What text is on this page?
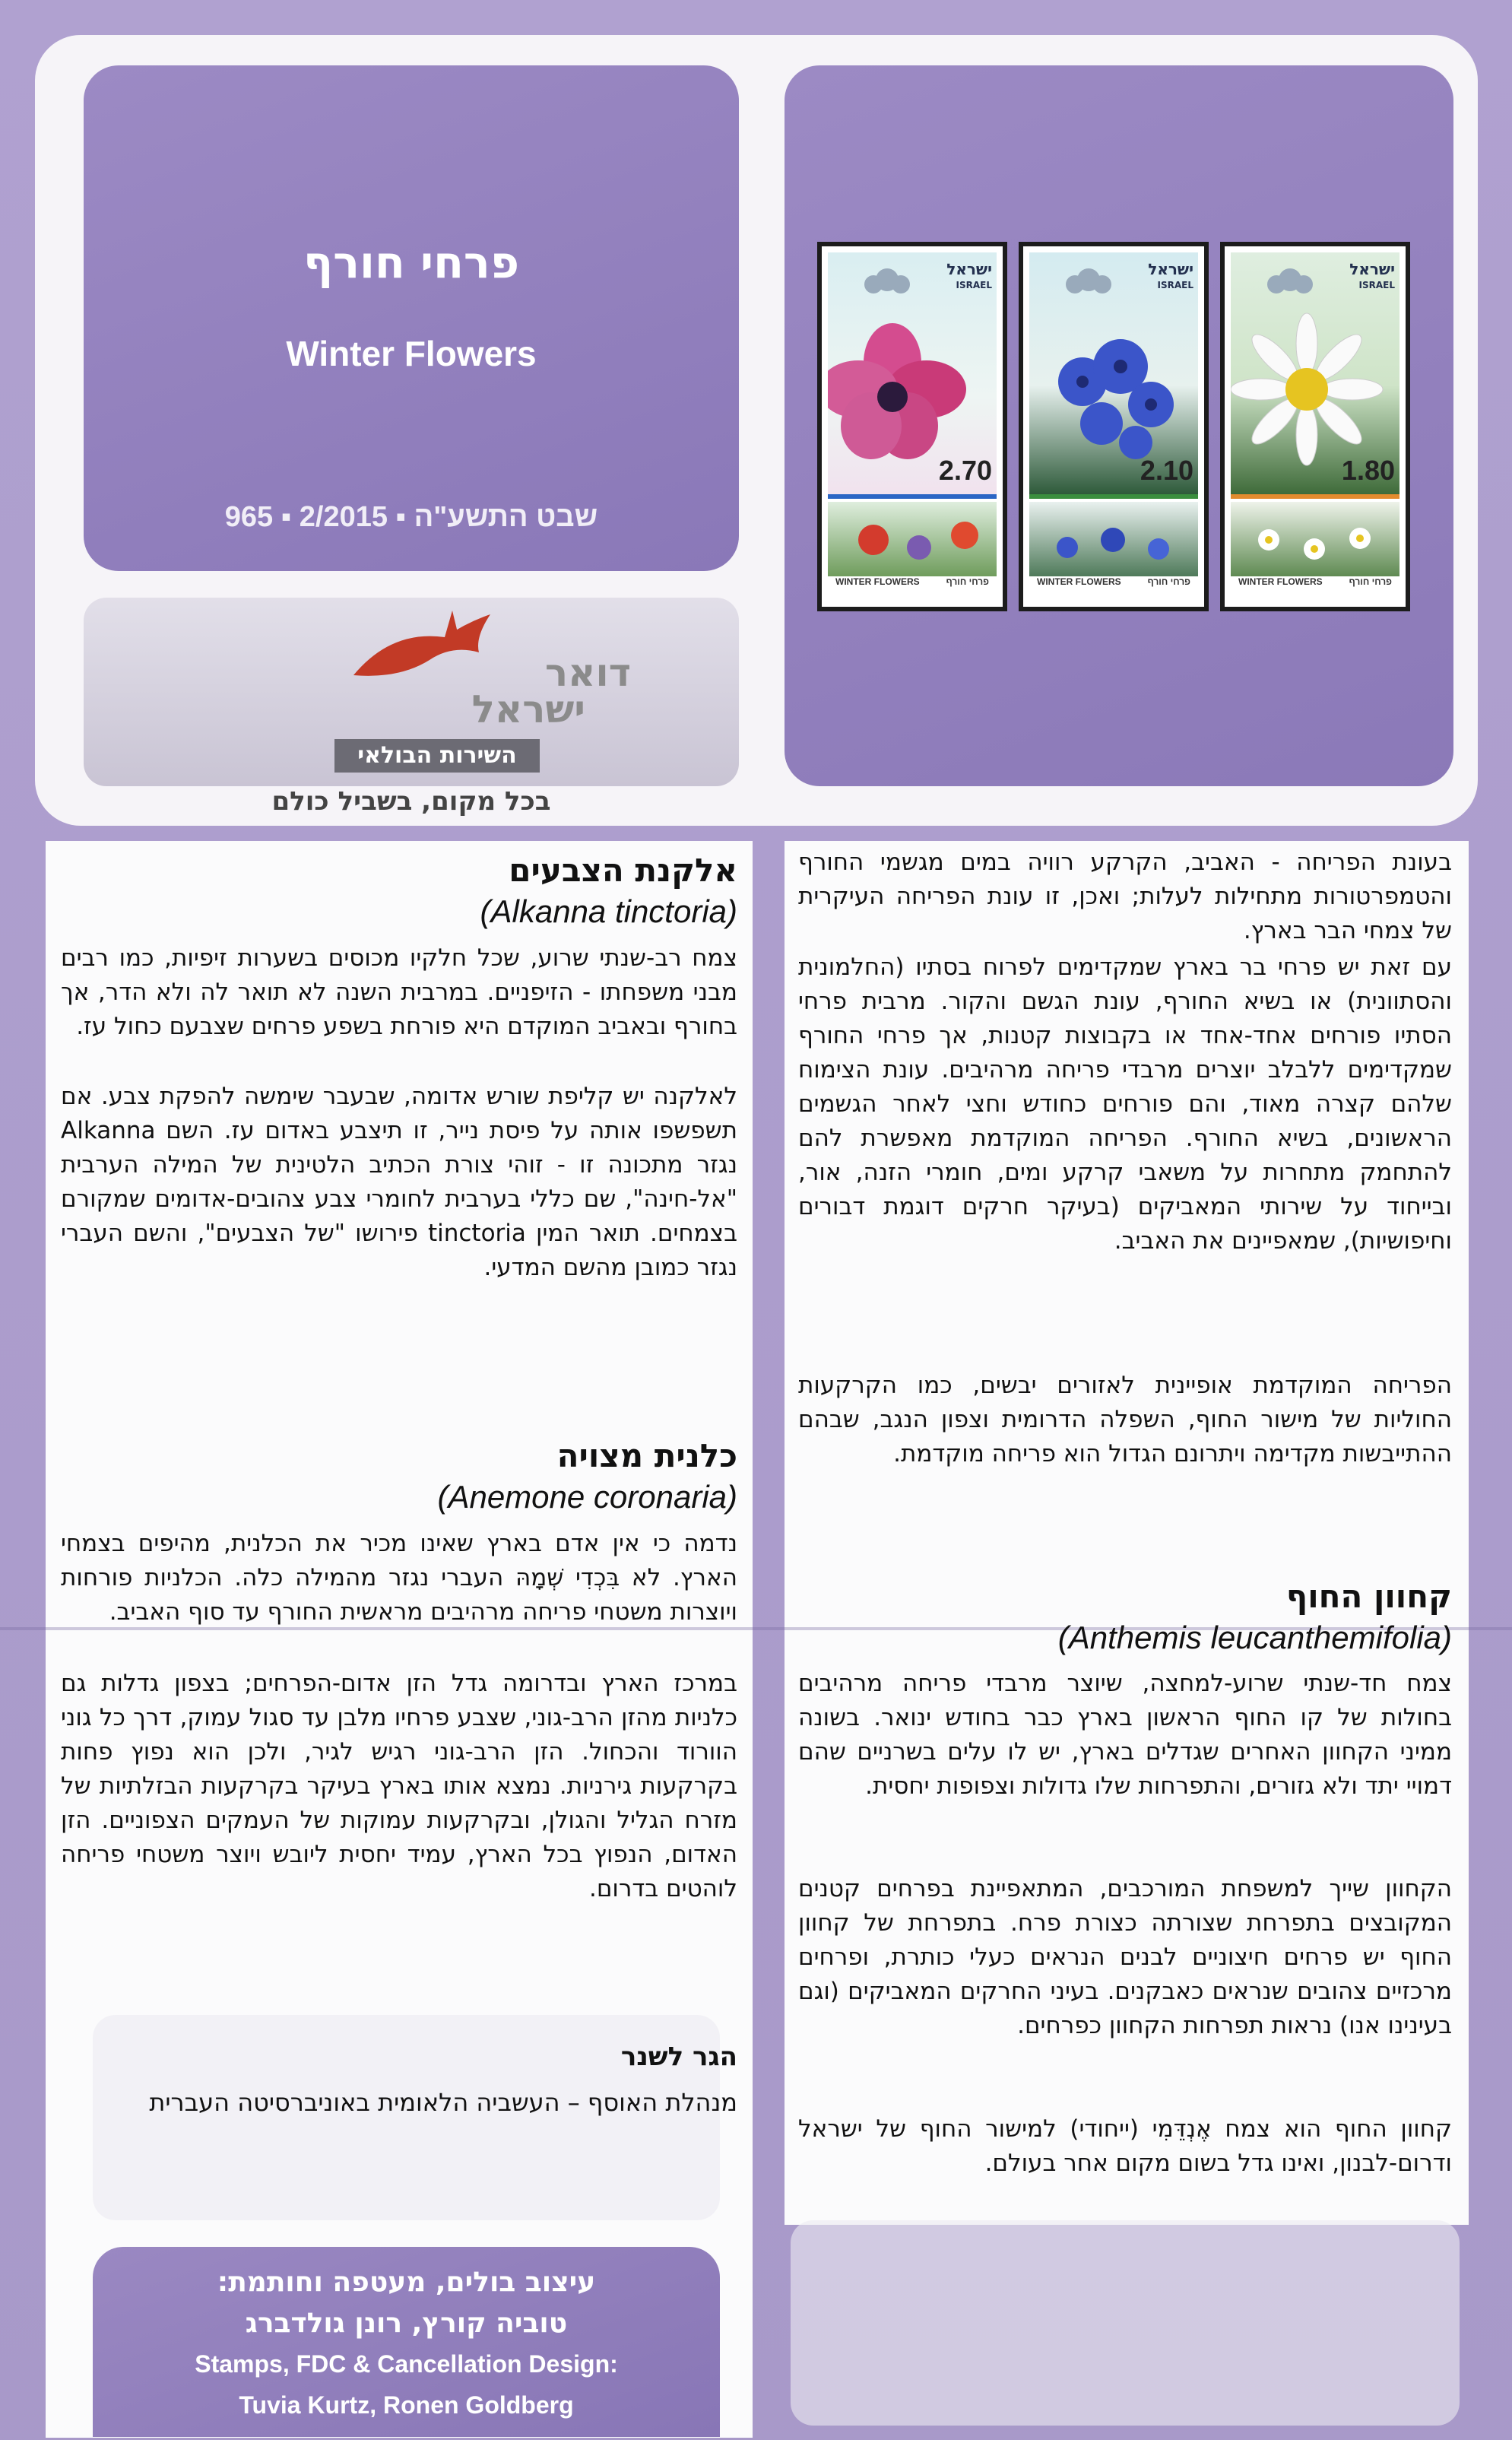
פרחי חורף
Winter Flowers
965 ▪ 2/2015 ▪ שבט התשע"ה
דואר
ישראל
השירות הבולאי
בכל מקום, בשביל כולם
ישראל
ISRAEL
2.70
WINTER FLOWERS	פרחי חורף
ישראל
ISRAEL
2.10
WINTER FLOWERS	פרחי חורף
ישראל
ISRAEL
1.80
WINTER FLOWERS	פרחי חורף
בעונת הפריחה - האביב, הקרקע רוויה במים מגשמי החורף והטמפרטורות מתחילות לעלות; ואכן, זו עונת הפריחה העיקרית של צמחי הבר בארץ.
עם זאת יש פרחי בר בארץ שמקדימים לפרוח בסתיו (החלמונית והסתוונית) או בשיא החורף, עונת הגשם והקור. מרבית פרחי הסתיו פורחים אחד-אחד או בקבוצות קטנות, אך פרחי החורף שמקדימים ללבלב יוצרים מרבדי פריחה מרהיבים. עונת הצימוח שלהם קצרה מאוד, והם פורחים כחודש וחצי לאחר הגשמים הראשונים, בשיא החורף. הפריחה המוקדמת מאפשרת להם להתחמק מתחרות על משאבי קרקע ומים, חומרי הזנה, אור, ובייחוד על שירותי המאביקים (בעיקר חרקים דוגמת דבורים וחיפושיות), שמאפיינים את האביב.
הפריחה המוקדמת אופיינית לאזורים יבשים, כמו הקרקעות החוליות של מישור החוף, השפלה הדרומית וצפון הנגב, שבהם ההתייבשות מקדימה ויתרונם הגדול הוא פריחה מוקדמת.
קחוון החוף
(Anthemis leucanthemifolia)
צמח חד-שנתי שרוע-למחצה, שיוצר מרבדי פריחה מרהיבים בחולות של קו החוף הראשון בארץ כבר בחודש ינואר. בשונה ממיני הקחוון האחרים שגדלים בארץ, יש לו עלים בשרניים שהם דמויי יתד ולא גזורים, והתפרחות שלו גדולות וצפופות יחסית.
הקחוון שייך למשפחת המורכבים, המתאפיינת בפרחים קטנים המקובצים בתפרחת שצורתה כצורת פרח. בתפרחת של קחוון החוף יש פרחים חיצוניים לבנים הנראים כעלי כותרת, ופרחים מרכזיים צהובים שנראים כאבקנים. בעיני החרקים המאביקים (וגם בעינינו אנו) נראות תפרחות הקחוון כפרחים.
קחוון החוף הוא צמח אֶנְדֵּמִי (ייחודי) למישור החוף של ישראל ודרום-לבנון, ואינו גדל בשום מקום אחר בעולם.
אלקנת הצבעים
(Alkanna tinctoria)
צמח רב-שנתי שרוע, שכל חלקיו מכוסים בשערות זיפיות, כמו רבים מבני משפחתו - הזיפניים. במרבית השנה לא תואר לה ולא הדר, אך בחורף ובאביב המוקדם היא פורחת בשפע פרחים שצבעם כחול עז.
לאלקנה יש קליפת שורש אדומה, שבעבר שימשה להפקת צבע. אם תשפשפו אותה על פיסת נייר, זו תיצבע באדום עז. השם Alkanna נגזר מתכונה זו - זוהי צורת הכתיב הלטינית של המילה הערבית "אל-חינה", שם כללי בערבית לחומרי צבע צהובים-אדומים שמקורם בצמחים. תואר המין tinctoria פירושו "של הצבעים", והשם העברי נגזר כמובן מהשם המדעי.
כלנית מצויה
(Anemone coronaria)
נדמה כי אין אדם בארץ שאינו מכיר את הכלנית, מהיפים בצמחי הארץ. לא בִּכְדִי שְׁמָהּ העברי נגזר מהמילה כלה. הכלניות פורחות ויוצרות משטחי פריחה מרהיבים מראשית החורף עד סוף האביב.
במרכז הארץ ובדרומה גדל הזן אדום-הפרחים; בצפון גדלות גם כלניות מהזן הרב-גוני, שצבע פרחיו מלבן עד סגול עמוק, דרך כל גוני הוורוד והכחול. הזן הרב-גוני רגיש לגיר, ולכן הוא נפוץ פחות בקרקעות גירניות. נמצא אותו בארץ בעיקר בקרקעות הבזלתיות של מזרח הגליל והגולן, ובקרקעות עמוקות של העמקים הצפוניים. הזן האדום, הנפוץ בכל הארץ, עמיד יחסית ליובש ויוצר משטחי פריחה לוהטים בדרום.
הגר לשנר
מנהלת האוסף – העשביה הלאומית באוניברסיטה העברית
עיצוב בולים, מעטפה וחותמת:
טוביה קורץ, רונן גולדברג
Stamps, FDC & Cancellation Design:
Tuvia Kurtz, Ronen Goldberg
